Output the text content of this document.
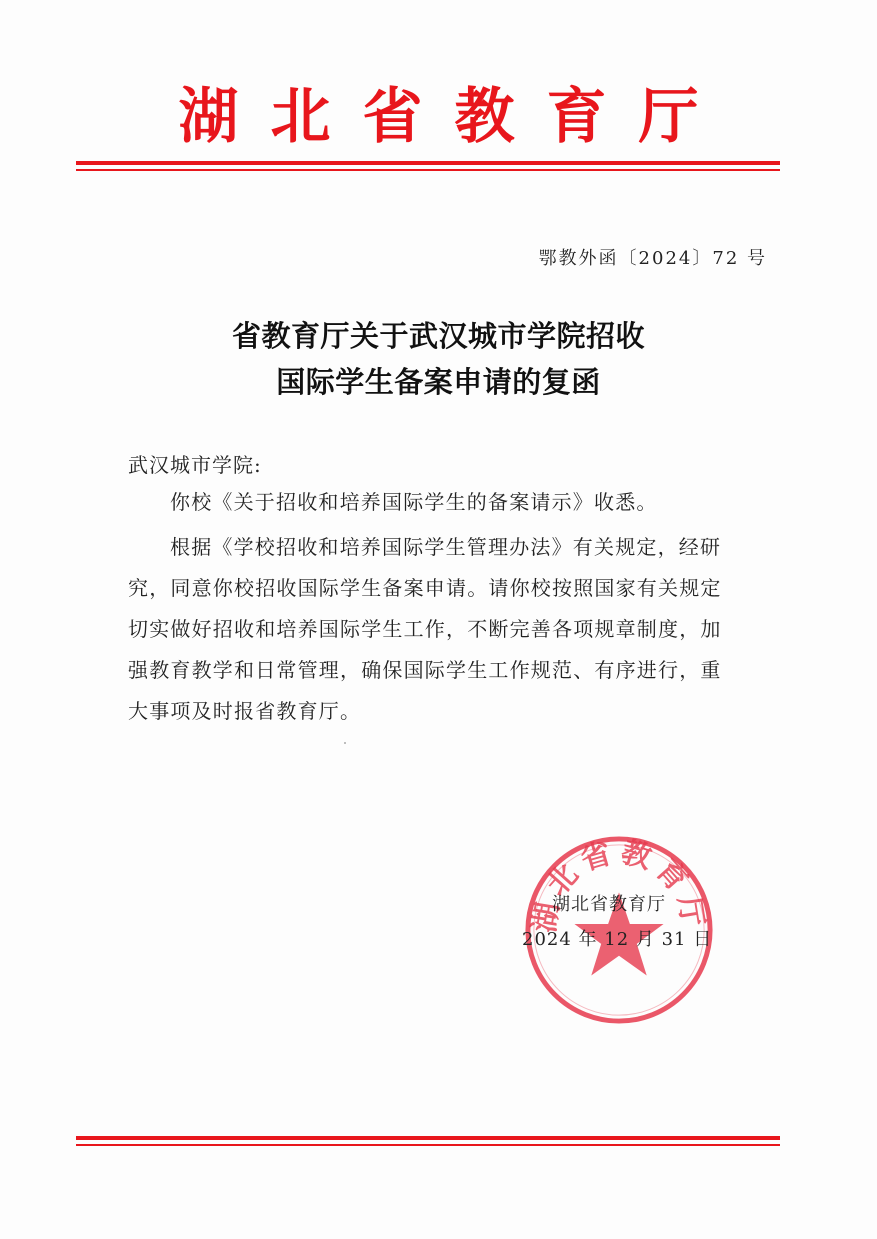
湖北省教育厅
鄂教外函〔2024〕72 号
省教育厅关于武汉城市学院招收
国际学生备案申请的复函
武汉城市学院:
你校《关于招收和培养国际学生的备案请示》收悉。
根据《学校招收和培养国际学生管理办法》有关规定，经研
究，同意你校招收国际学生备案申请。请你校按照国家有关规定
切实做好招收和培养国际学生工作，不断完善各项规章制度，加
强教育教学和日常管理，确保国际学生工作规范、有序进行，重
大事项及时报省教育厅。
湖北省教育厅
湖北省教育厅
2024 年 12 月 31 日
